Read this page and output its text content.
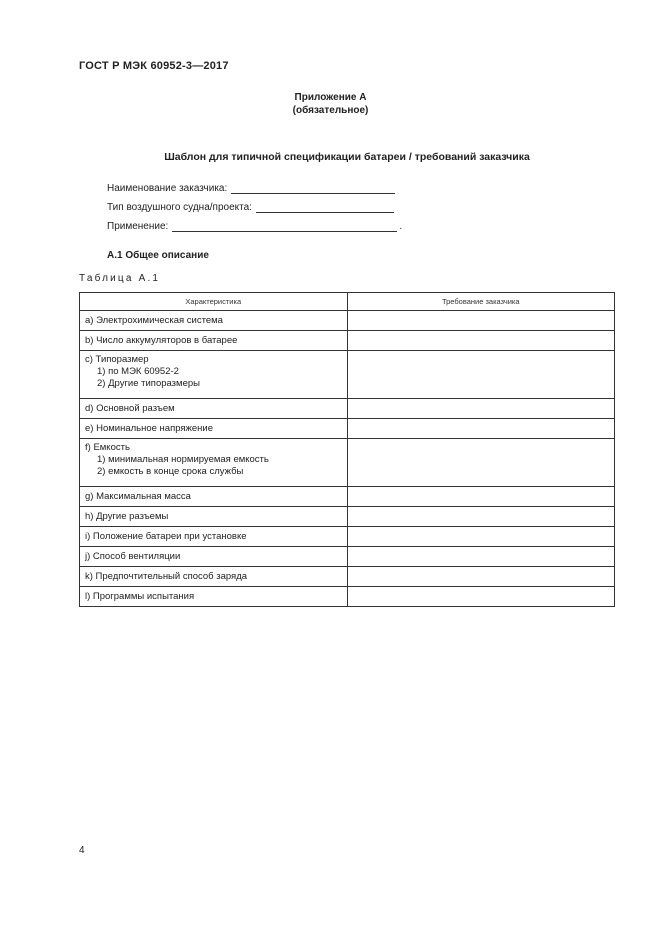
ГОСТ Р МЭК 60952-3—2017
Приложение А
(обязательное)
Шаблон для типичной спецификации батареи / требований заказчика
Наименование заказчика:
Тип воздушного судна/проекта:
Применение:	.
А.1 Общее описание
Таблица А.1
Характеристика	Требование заказчика
a) Электрохимическая система	
b) Число аккумуляторов в батарее	

c) Типоразмер
1) по МЭК 60952-2
2) Другие типоразмеры	

d) Основной разъем	
e) Номинальное напряжение	

f) Емкость
1) минимальная нормируемая емкость
2) емкость в конце срока службы	

g) Максимальная масса	
h) Другие разъемы	
i) Положение батареи при установке	
j) Способ вентиляции	
k) Предпочтительный способ заряда	
l) Программы испытания	
4
